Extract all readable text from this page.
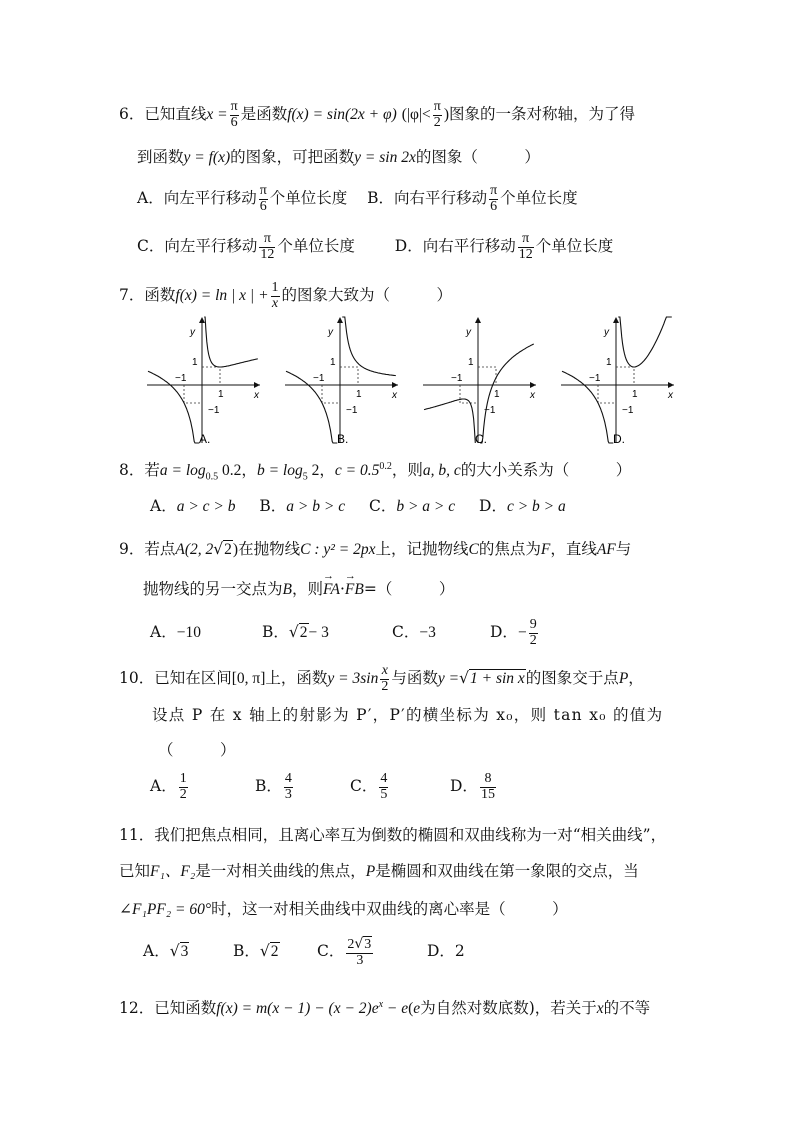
6．已知直线$x = \frac{\pi}{6}$ 是函数f(x) = sin(2x + φ) ($|\varphi|< \frac{\pi}{2}$ )图象的一条对称轴，为了得
到函数y = f(x)的图象，可把函数y = sin 2x的图象（　　　）
A．向左平行移动 $\frac{\pi}{6}$ 个单位长度 B．向右平行移动 $\frac{\pi}{6}$ 个单位长度
C．向左平行移动 $\frac{\pi}{12}$ 个单位长度	D．向右平行移动 $\frac{\pi}{12}$ 个单位长度
7．函数f(x) = ln | x | + $\frac{1}{x}$ 的图象大致为（　　　）
y
x
−1
1
1
−1
A.
y
x
−1
1
1
−1
B.
y
x
−1
1
1
−1
C.
y
x
−1
1
1
−1
D.
8．若$a = \log_{0.5} 0.2$，$b = \log_5 2$，$c = 0.5^{0.2}$，则a, b, c的大小关系为（　　　）
A．a > c > b B．a > b > c C．b > a > c D．c > b > a
9．若点A(2, 2√2)在抛物线C : y² = 2px上，记抛物线C的焦点为F，直线AF与
抛物线的另一交点为B，则→ FA·→ FB=（　　　）
A．−10	B．√2− 3	C．−3	D．− $\frac{9}{2}$
10．已知在区间[0, π]上，函数$y = 3\sin \frac{x}{2}$ 与函数y =√1 + sin x的图象交于点P，
设点 P 在 x 轴上的射影为 P′，P′的横坐标为 x₀，则 tan x₀ 的值为
（　　　）
A． $\frac{1}{2}$	B． $\frac{4}{3}$	C． $\frac{4}{5}$	D． $\frac{8}{15}$
11．我们把焦点相同，且离心率互为倒数的椭圆和双曲线称为一对“相关曲线”，
已知F₁、F₂是一对相关曲线的焦点，P是椭圆和双曲线在第一象限的交点，当
∠F₁PF₂ = 60°时，这一对相关曲线中双曲线的离心率是（　　　）
A．√3	B．√2 C． $\frac{2√3}{3}$	D．2
12．已知函数$f(x) = m(x - 1) - (x - 2)e^x - e(e$为自然对数底数)，若关于x的不等
